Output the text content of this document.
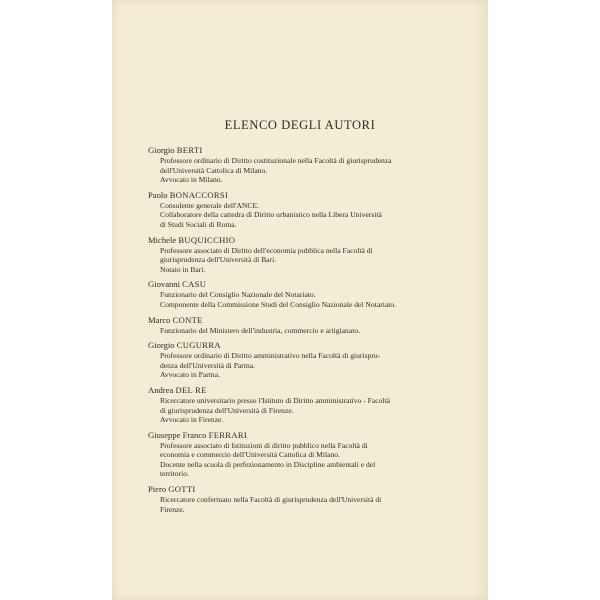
ELENCO DEGLI AUTORI
Giorgio BERTI
Professore ordinario di Diritto costituzionale nella Facoltà di giurisprudenza
dell'Università Cattolica di Milano.
Avvocato in Milano.
Paolo BONACCORSI
Consulente generale dell'ANCE.
Collaboratore della cattedra di Diritto urbanistico nella Libera Università
di Studi Sociali di Roma.
Michele BUQUICCHIO
Professore associato di Diritto dell'economia pubblica nella Facoltà di
giurisprudenza dell'Università di Bari.
Notaio in Bari.
Giovanni CASU
Funzionario del Consiglio Nazionale del Notariato.
Componente della Commissione Studi del Consiglio Nazionale del Notariato.
Marco CONTE
Funzionario del Ministero dell'industria, commercio e artigianato.
Giorgio CUGURRA
Professore ordinario di Diritto amministrativo nella Facoltà di giurispru-
denza dell'Università di Parma.
Avvocato in Parma.
Andrea DEL RE
Ricercatore universitario presso l'Istituto di Diritto amministrativo - Facoltà
di giurisprudenza dell'Università di Firenze.
Avvocato in Firenze.
Giuseppe Franco FERRARI
Professore associato di Istituzioni di diritto pubblico nella Facoltà di
economia e commercio dell'Università Cattolica di Milano.
Docente nella scuola di perfezionamento in Discipline ambientali e del
territorio.
Piero GOTTI
Ricercatore confermato nella Facoltà di giurisprudenza dell'Università di
Firenze.
